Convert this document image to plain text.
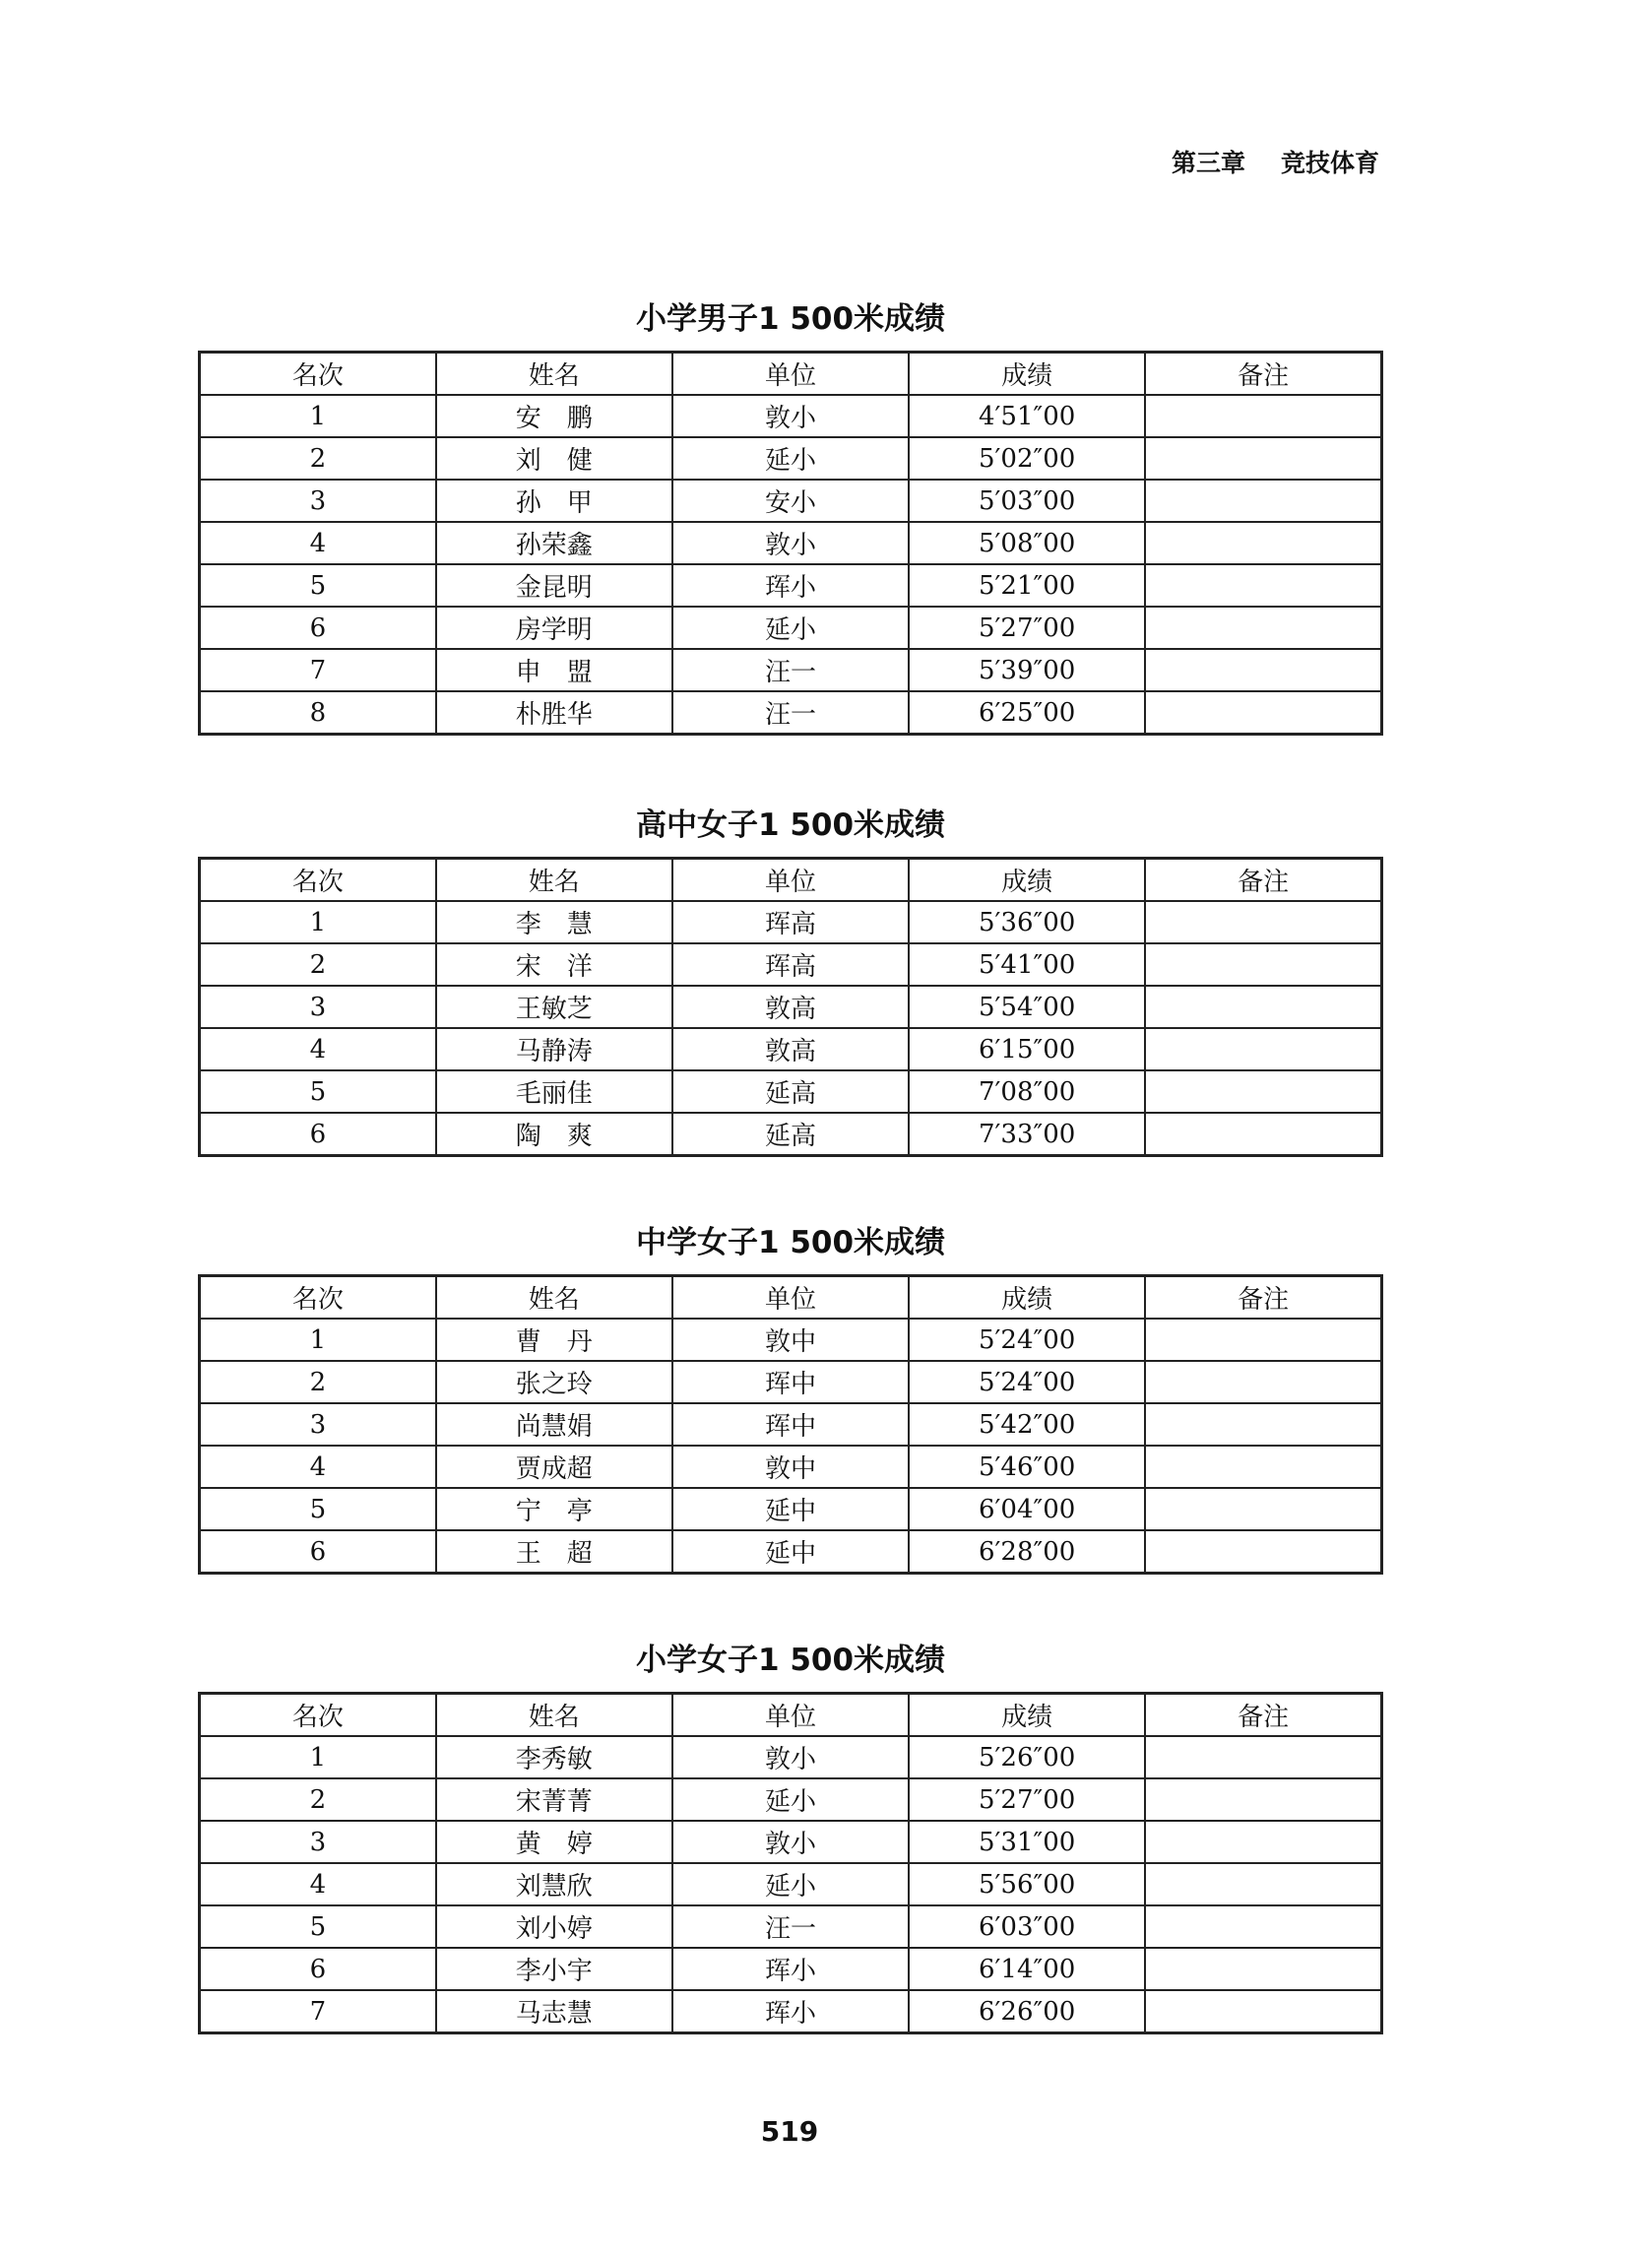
第三章 竞技体育
小学男子1 500米成绩
名次	姓名	单位	成绩	备注
1	安　鹏	敦小	4′51″00	
2	刘　健	延小	5′02″00	
3	孙　甲	安小	5′03″00	
4	孙荣鑫	敦小	5′08″00	
5	金昆明	珲小	5′21″00	
6	房学明	延小	5′27″00	
7	申　盟	汪一	5′39″00	
8	朴胜华	汪一	6′25″00	
高中女子1 500米成绩
名次	姓名	单位	成绩	备注
1	李　慧	珲高	5′36″00	
2	宋　洋	珲高	5′41″00	
3	王敏芝	敦高	5′54″00	
4	马静涛	敦高	6′15″00	
5	毛丽佳	延高	7′08″00	
6	陶　爽	延高	7′33″00	
中学女子1 500米成绩
名次	姓名	单位	成绩	备注
1	曹　丹	敦中	5′24″00	
2	张之玲	珲中	5′24″00	
3	尚慧娟	珲中	5′42″00	
4	贾成超	敦中	5′46″00	
5	宁　亭	延中	6′04″00	
6	王　超	延中	6′28″00	
小学女子1 500米成绩
名次	姓名	单位	成绩	备注
1	李秀敏	敦小	5′26″00	
2	宋菁菁	延小	5′27″00	
3	黄　婷	敦小	5′31″00	
4	刘慧欣	延小	5′56″00	
5	刘小婷	汪一	6′03″00	
6	李小宇	珲小	6′14″00	
7	马志慧	珲小	6′26″00	
519
